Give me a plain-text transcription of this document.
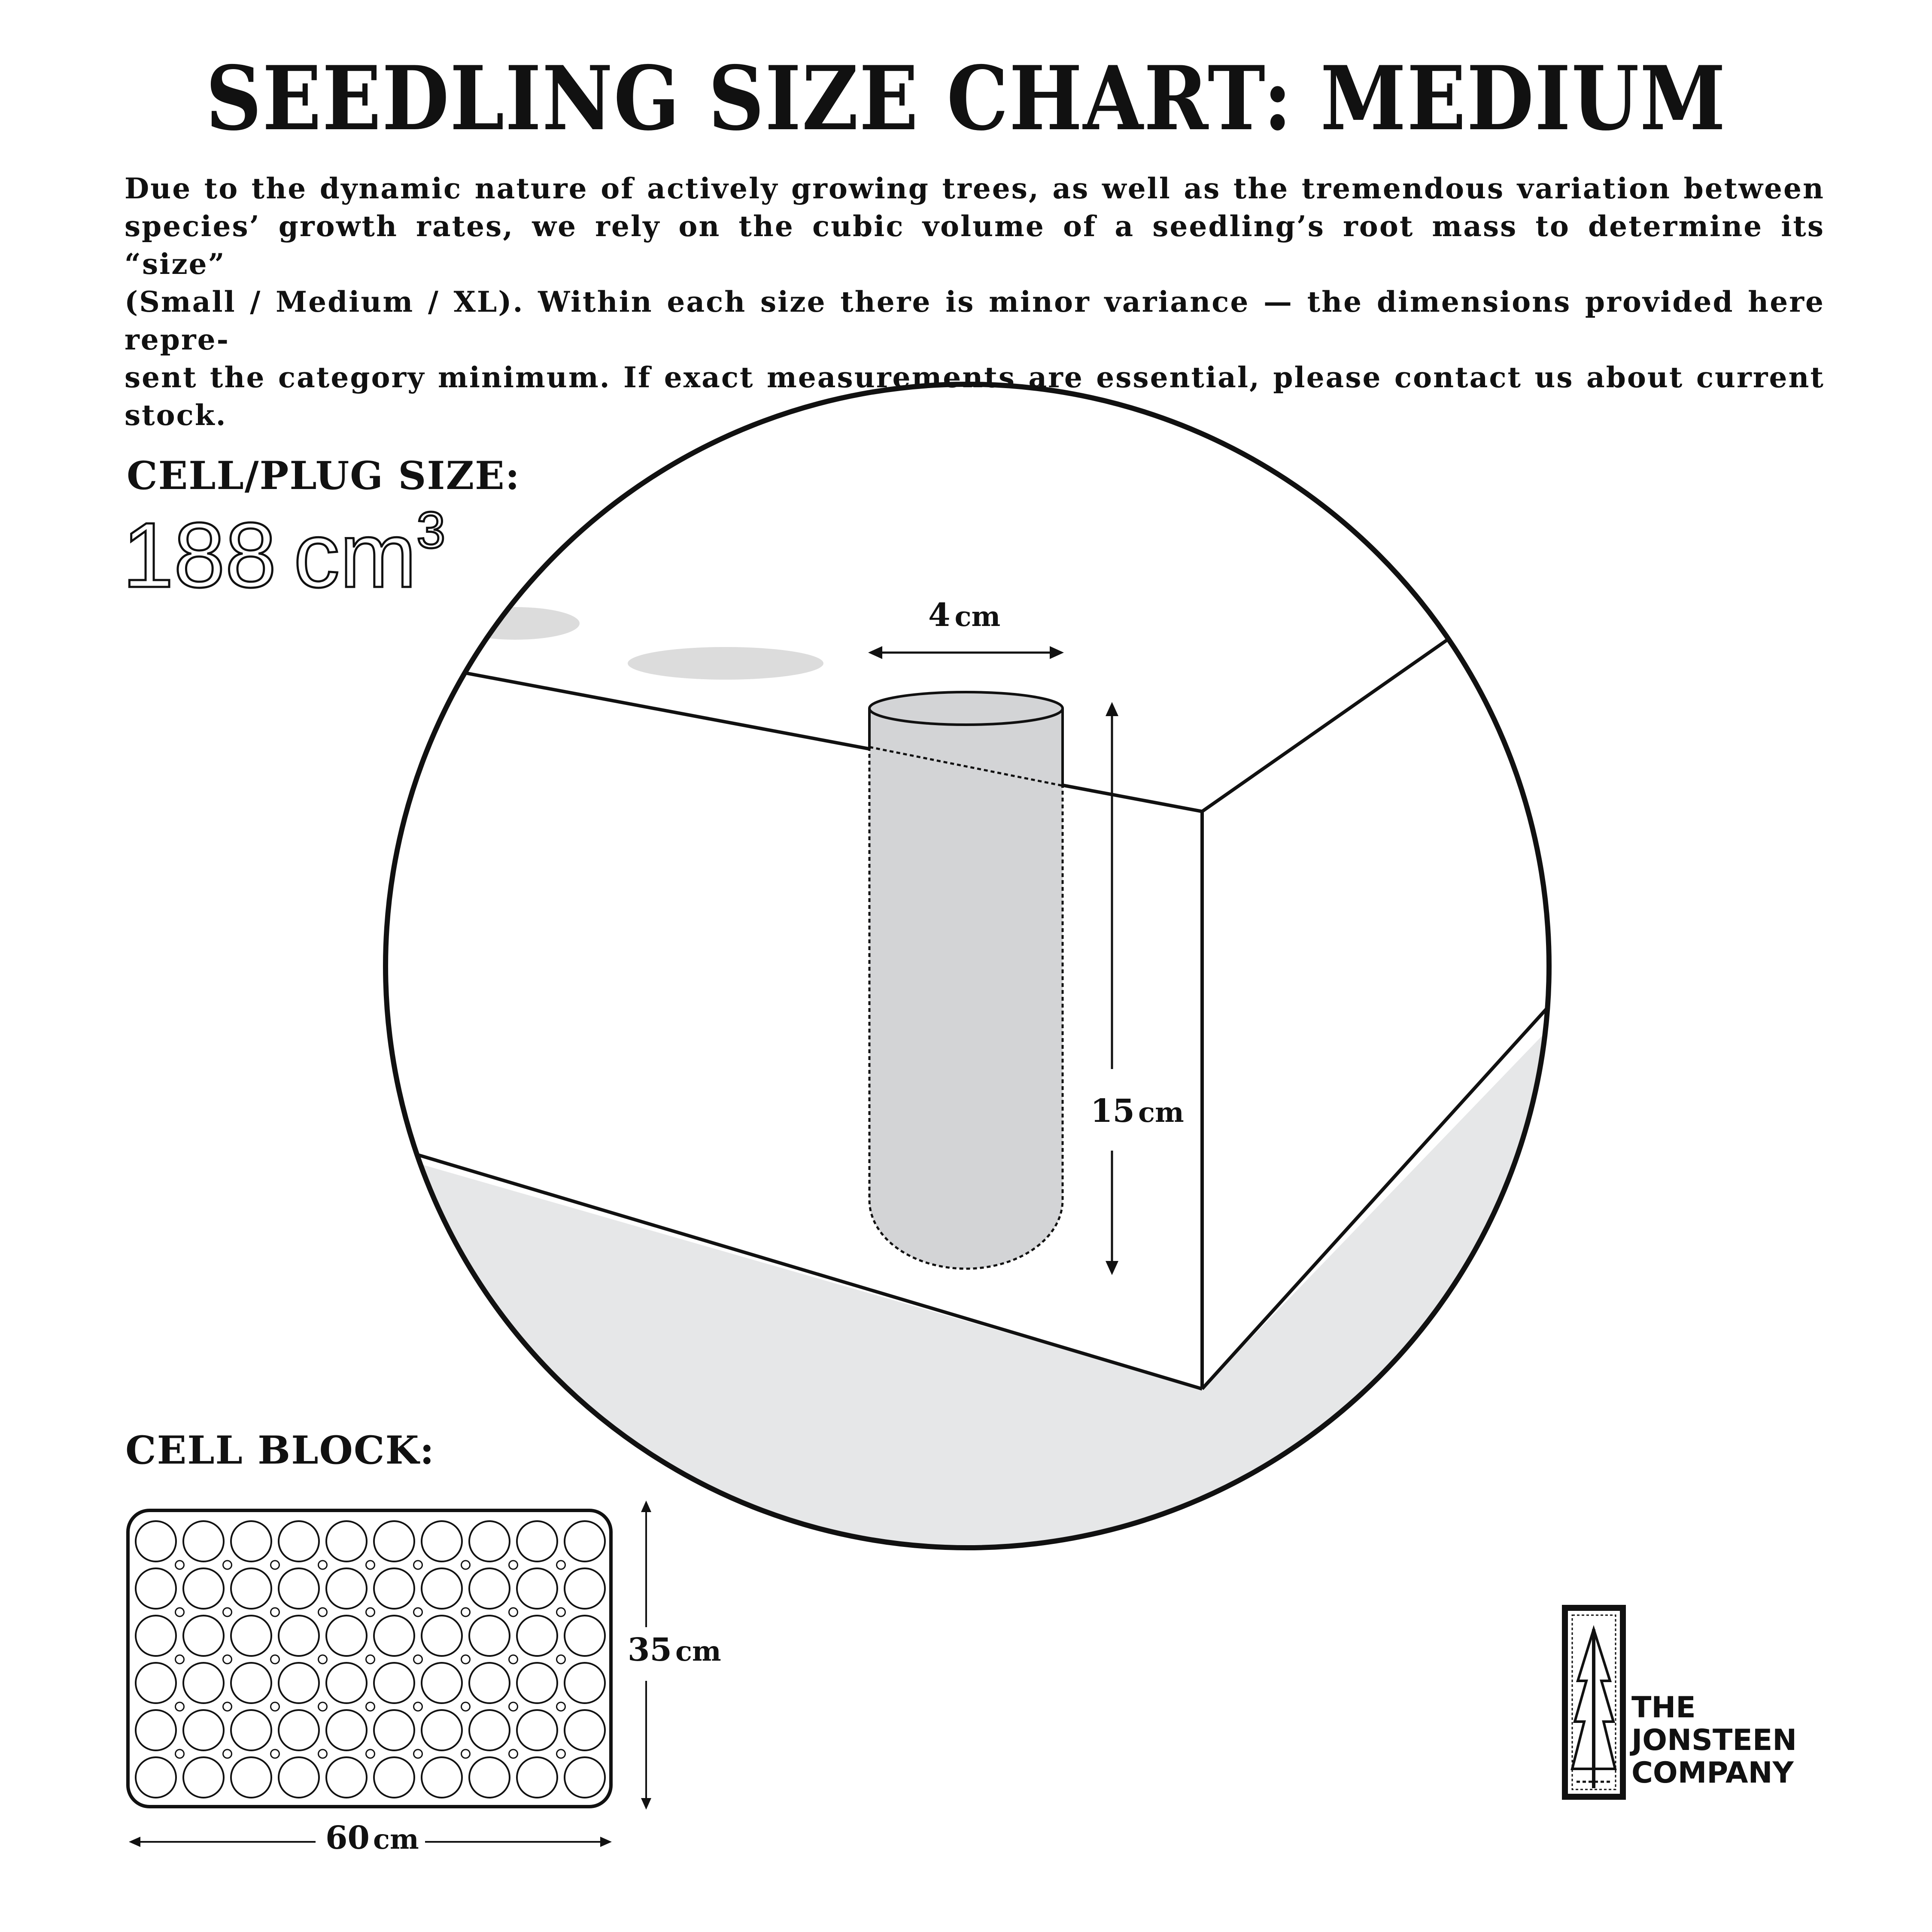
SEEDLING SIZE CHART: MEDIUM
Due to the dynamic nature of actively growing trees, as well as the tremendous variation between
species’ growth rates, we rely on the cubic volume of a seedling’s root mass to determine its “size”
(Small / Medium / XL). Within each size there is minor variance — the dimensions provided here repre-
sent the category minimum. If exact measurements are essential, please contact us about current stock.
CELL/PLUG SIZE:
188 $cm^3$
4 cm
15 cm
CELL BLOCK:
35 cm
60 cm
THE
JONSTEEN
COMPANY
